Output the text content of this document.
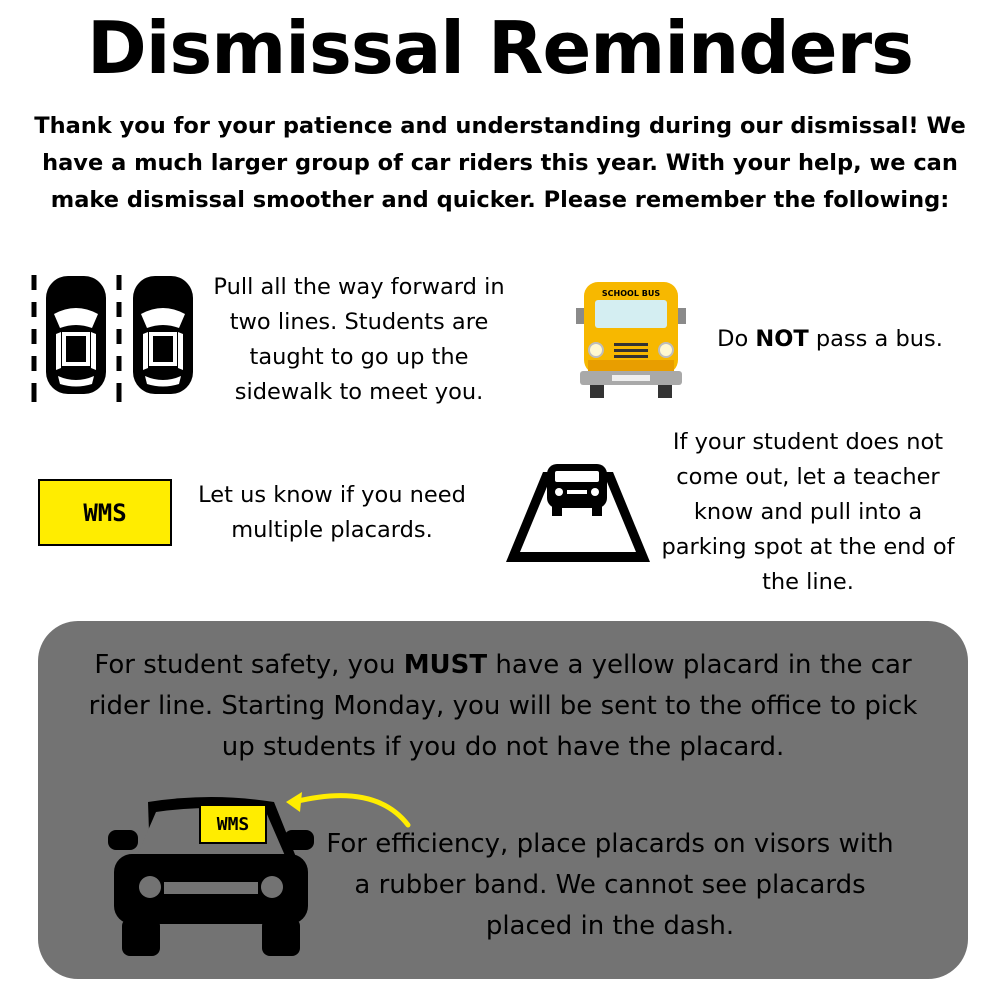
Dismissal Reminders
Thank you for your patience and understanding during our dismissal! We have a much larger group of car riders this year. With your help, we can make dismissal smoother and quicker. Please remember the following:
Pull all the way forward in two lines. Students are taught to go up the sidewalk to meet you.
SCHOOL BUS
Do NOT pass a bus.
WMS
Let us know if you need multiple placards.
If your student does not come out, let a teacher know and pull into a parking spot at the end of the line.
For student safety, you MUST have a yellow placard in the car rider line. Starting Monday, you will be sent to the office to pick up students if you do not have the placard.
WMS
For efficiency, place placards on visors with a rubber band. We cannot see placards placed in the dash.
